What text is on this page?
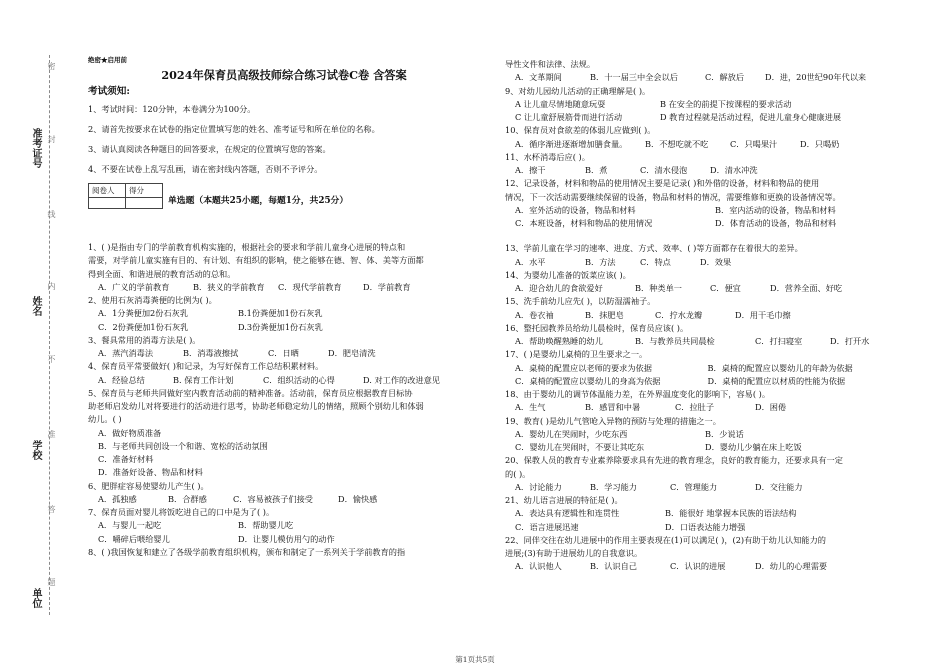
准考证号
姓名
学校
单位
密
封
线
内
不
准
答
题
绝密★启用前
2024年保育员高级技师综合练习试卷C卷 含答案
考试须知:
1、考试时间：120分钟，本卷满分为100分。
2、请首先按要求在试卷的指定位置填写您的姓名、准考证号和所在单位的名称。
3、请认真阅读各种题目的回答要求，在规定的位置填写您的答案。
4、不要在试卷上乱写乱画，请在密封线内答题，否则不予评分。
阅卷人	得分

单选题（本题共25小题，每题1分，共25分）
1、( )是指由专门的学前教育机构实施的，根据社会的要求和学前儿童身心进展的特点和
需要，对学前儿童实施有目的、有计划、有组织的影响，使之能够在德、智、体、美等方面都
得到全面、和谐进展的教育活动的总和。
A．广义的学前教育	B．狭义的学前教育	C．现代学前教育	D．学前教育
2、使用石灰消毒粪便的比例为( )。
A．1分粪便加2份石灰乳	B.1份粪便加1份石灰乳
C．2份粪便加1份石灰乳	D.3份粪便加1份石灰乳
3、餐具常用的消毒方法是( )。
A．蒸汽消毒法	B．消毒液擦拭	C．日晒	D．肥皂清洗
4、保育员平常要做好( )和记录，为写好保育工作总结积累材料。
A．经验总结	B. 保育工作计划	C．组织活动的心得	D. 对工作的改进意见
5、保育员与老师共同做好室内教育活动前的精神准备。活动前，保育员应根据教育目标协
助老师启发幼儿对将要进行的活动进行思考，协助老师稳定幼儿的情绪，照顾个别幼儿和体弱
幼儿。( )
A．做好物质准备
B．与老师共同创设一个和谐、宽松的活动氛围
C．准备好材料
D．准备好设备、物品和材料
6、肥胖症容易使婴幼儿产生( )。
A．孤独感	B．合群感	C．容易被孩子们接受	D．愉快感
7、保育员面对婴儿将饭吃进自己的口中是为了( )。
A．与婴儿一起吃	B．帮助婴儿吃
C．嚼碎后喂给婴儿	D．让婴儿模仿用勺的动作
8、( )我国恢复和建立了各级学前教育组织机构，颁布和制定了一系列关于学前教育的指
导性文件和法律、法规。
A．文革期间	B．十一届三中全会以后	C．解放后	D．进，20世纪90年代以来
9、对幼儿园幼儿活动的正确理解是( )。
A 让儿童尽情地随意玩耍	B 在安全的前提下按课程的要求活动
C 让儿童舒展筋骨而进行活动	D 教育过程就是活动过程，促进儿童身心健康进展
10、保育员对食欲差的体弱儿应做到( )。
A．循序渐进逐渐增加膳食量。	B．不想吃就不吃	C．只喝果汁	D．只喝奶
11、水杯消毒后应( )。
A．擦干	B．煮	C．清水侵泡	D．清水冲洗
12、记录设备，材料和物品的使用情况主要是记录( )和外借的设备，材料和物品的使用
情况，下一次活动需要继续保留的设备，物品和材料的情况，需要维修和更换的设备情况等。
A．室外活动的设备，物品和材料	B．室内活动的设备，物品和材料
C．本班设备，材料和物品的使用情况	D．体育活动的设备，物品和材料
13、学前儿童在学习的速率、进度、方式、效率、( )等方面都存在着很大的差异。
A．水平	B．方法	C．特点	D．效果
14、为婴幼儿准备的饭菜应该( )。
A．迎合幼儿的食欲爱好	B．种类单一	C．便宜	D．营养全面、好吃
15、洗手前幼儿应先( )，以防湿濡袖子。
A．卷衣袖	B．抹肥皂	C．拧水龙瓣	D．用干毛巾擦
16、整托园教养员给幼儿晨检时，保育员应该( )。
A．帮助唤醒熟睡的幼儿	B．与教养员共同晨检	C．打扫寝室	D．打开水
17、( )是婴幼儿桌椅的卫生要求之一。
A．桌椅的配置应以老师的要求为依据	B．桌椅的配置应以婴幼儿的年龄为依据
C．桌椅的配置应以婴幼儿的身高为依据	D．桌椅的配置应以材质的性能为依据
18、由于婴幼儿的调节体温能力差，在外界温度变化的影响下，容易( )。
A．生气	B．感冒和中暑	C．拉肚子	D．困倦
19、教育( )是幼儿气管呛入异物的预防与处理的措施之一。
A．婴幼儿在哭闹时，少吃东西	B．少说话
C．婴幼儿在哭闹时，不要让其吃东	D．婴幼儿少躺在床上吃饭
20、保教人员的教育专业素养除要求具有先进的教育理念，良好的教育能力，还要求具有一定
的( )。
A．讨论能力	B．学习能力	C．管理能力	D．交往能力
21、幼儿语言进展的特征是( )。
A．表达具有逻辑性和连贯性	B．能很好 地掌握本民族的语法结构
C．语言进展迅速	D．口语表达能力增强
22、同伴交往在幼儿进展中的作用主要表现在(1)可以满足( )，(2)有助于幼儿认知能力的
进展;(3)有助于进展幼儿的自我意识。
A．认识他人	B．认识自己	C．认识的进展	D．幼儿的心理需要
第1页共5页
